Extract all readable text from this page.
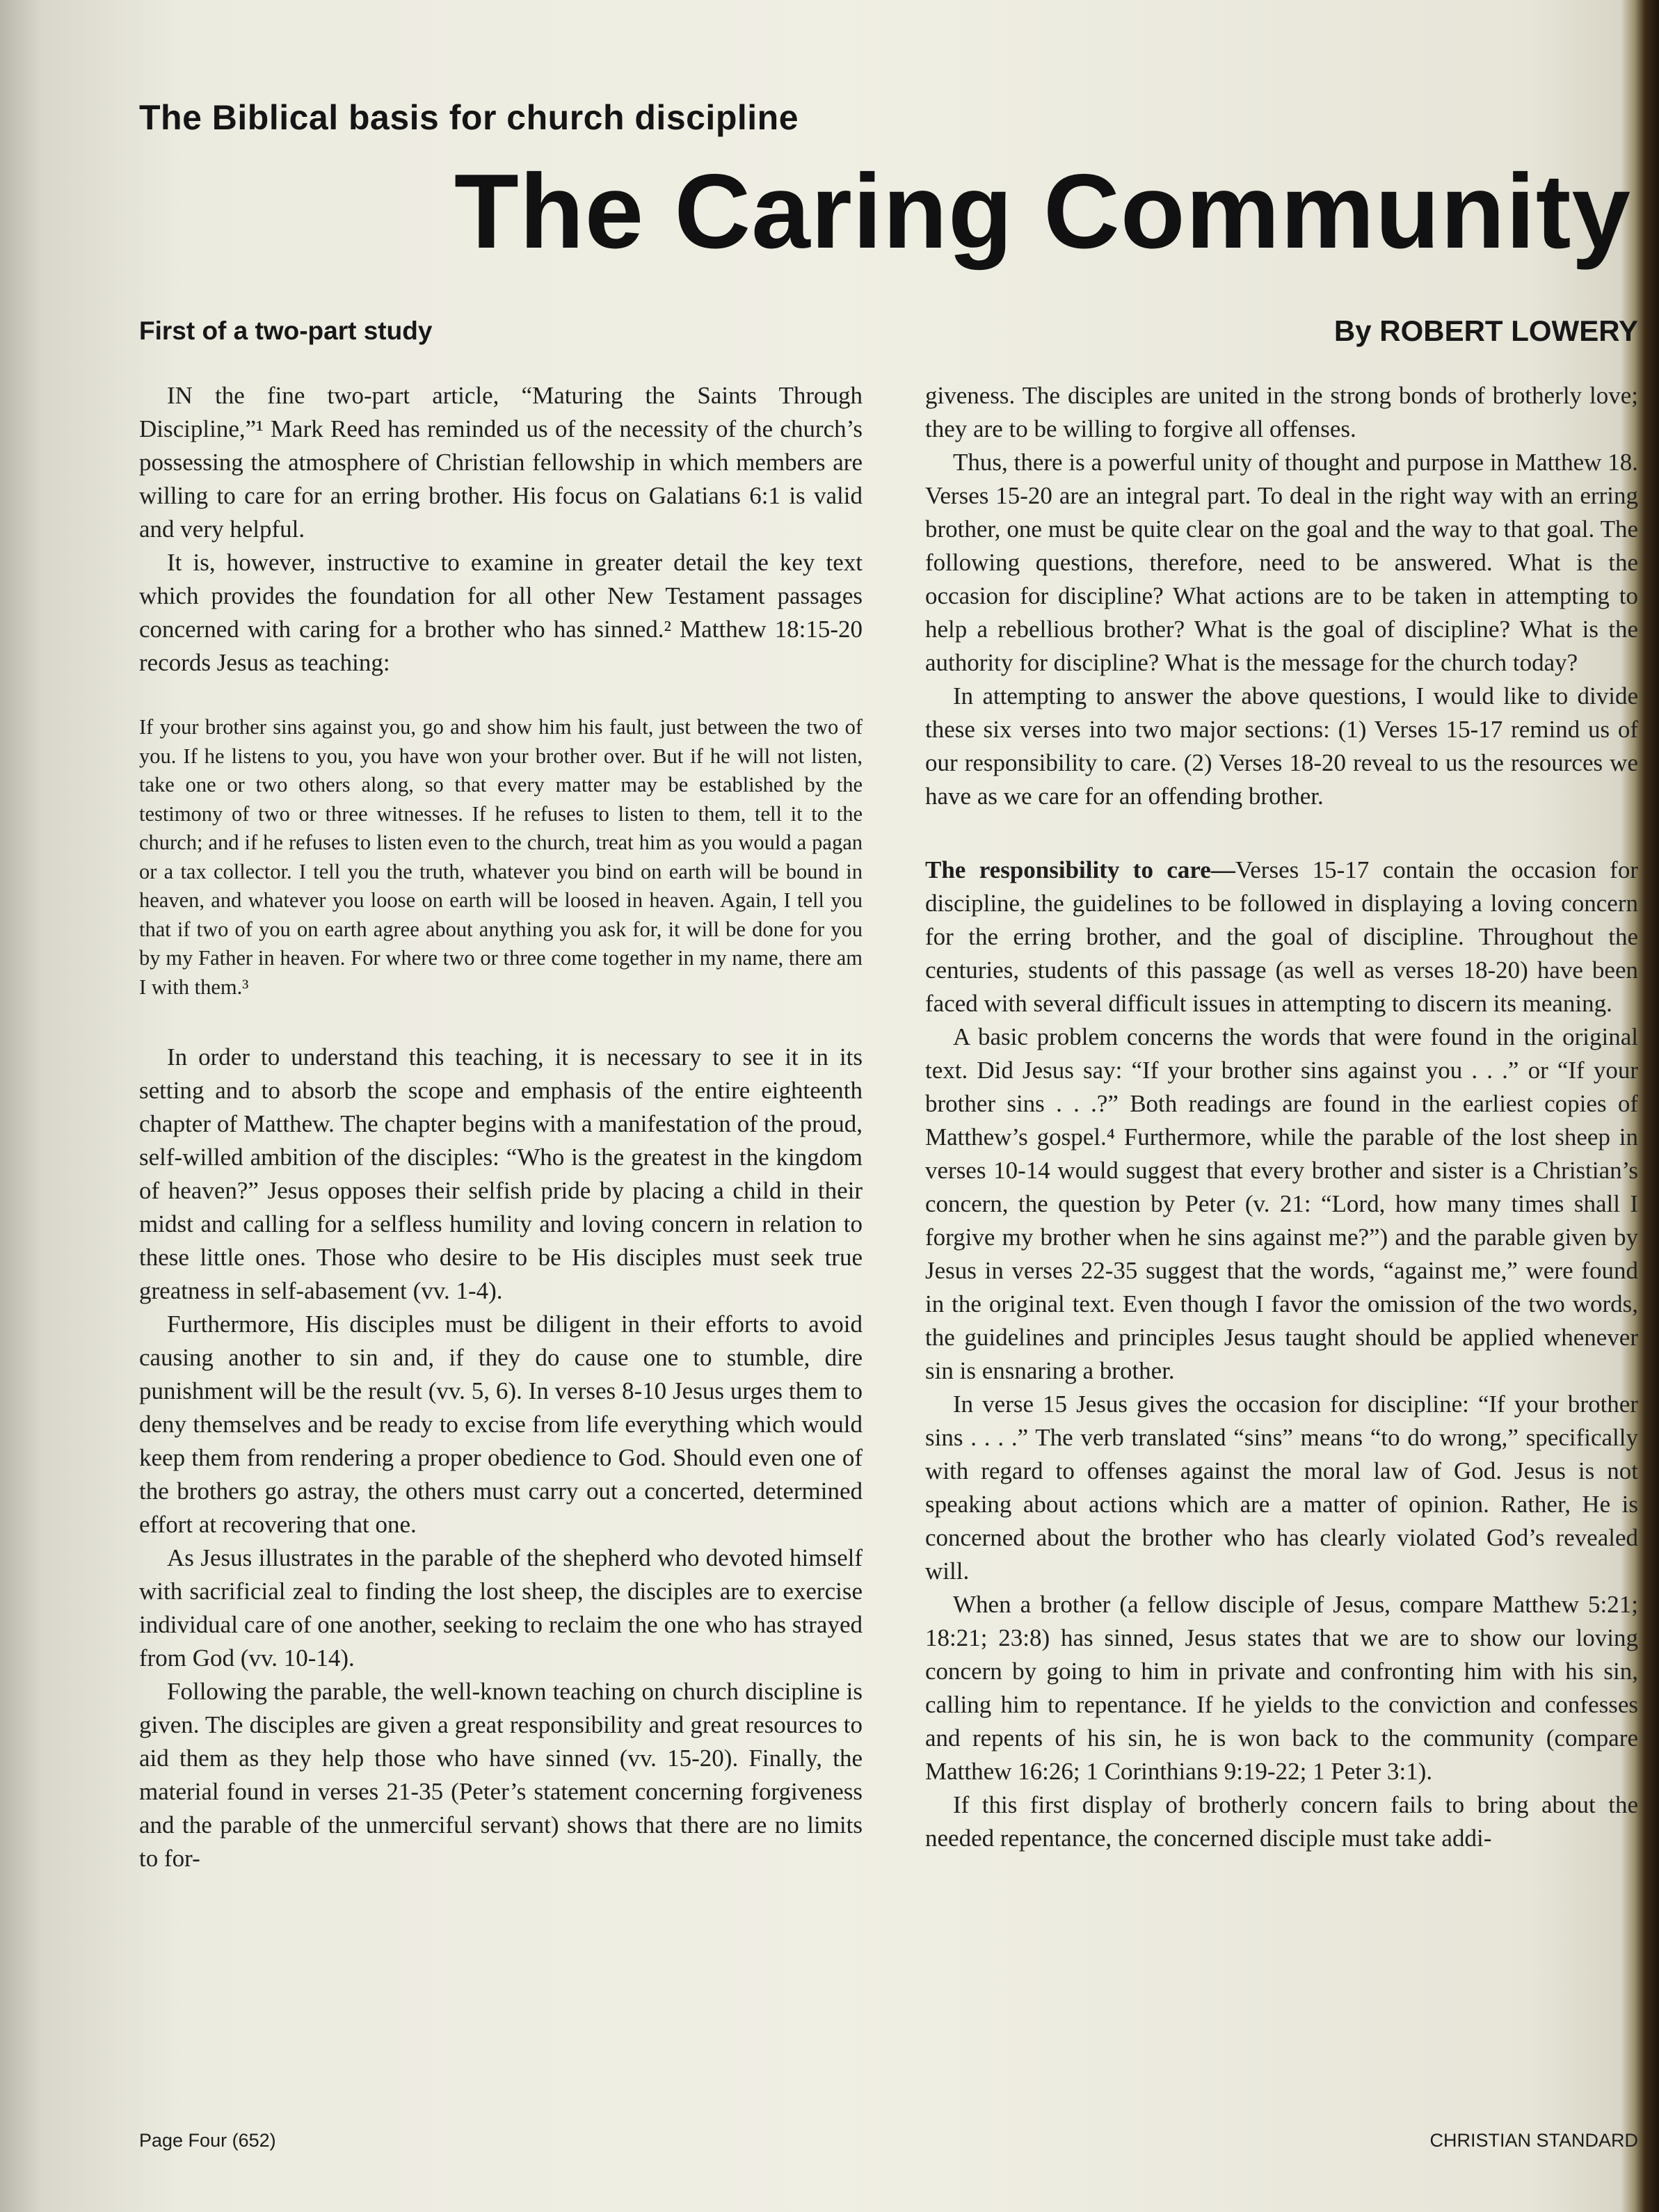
The Biblical basis for church discipline
The Caring Community
First of a two-part study	By ROBERT LOWERY

IN the fine two-part article, “Maturing the Saints Through Discipline,”¹ Mark Reed has reminded us of the necessity of the church’s possessing the atmosphere of Christian fellowship in which members are willing to care for an erring brother. His focus on Galatians 6:1 is valid and very helpful.

It is, however, instructive to examine in greater detail the key text which provides the foundation for all other New Testament passages concerned with caring for a brother who has sinned.² Matthew 18:15-20 records Jesus as teaching:

If your brother sins against you, go and show him his fault, just between the two of you. If he listens to you, you have won your brother over. But if he will not listen, take one or two others along, so that every matter may be established by the testimony of two or three witnesses. If he refuses to listen to them, tell it to the church; and if he refuses to listen even to the church, treat him as you would a pagan or a tax collector. I tell you the truth, whatever you bind on earth will be bound in heaven, and whatever you loose on earth will be loosed in heaven. Again, I tell you that if two of you on earth agree about anything you ask for, it will be done for you by my Father in heaven. For where two or three come together in my name, there am I with them.³

In order to understand this teaching, it is necessary to see it in its setting and to absorb the scope and emphasis of the entire eighteenth chapter of Matthew. The chapter begins with a manifestation of the proud, self-willed ambition of the disciples: “Who is the greatest in the kingdom of heaven?” Jesus opposes their selfish pride by placing a child in their midst and calling for a selfless humility and loving concern in relation to these little ones. Those who desire to be His disciples must seek true greatness in self-abasement (vv. 1-4).

Furthermore, His disciples must be diligent in their efforts to avoid causing another to sin and, if they do cause one to stumble, dire punishment will be the result (vv. 5, 6). In verses 8-10 Jesus urges them to deny themselves and be ready to excise from life everything which would keep them from rendering a proper obedience to God. Should even one of the brothers go astray, the others must carry out a concerted, determined effort at recovering that one.

As Jesus illustrates in the parable of the shepherd who devoted himself with sacrificial zeal to finding the lost sheep, the disciples are to exercise individual care of one another, seeking to reclaim the one who has strayed from God (vv. 10-14).

Following the parable, the well-known teaching on church discipline is given. The disciples are given a great responsibility and great resources to aid them as they help those who have sinned (vv. 15-20). Finally, the material found in verses 21-35 (Peter’s statement concerning forgiveness and the parable of the unmerciful servant) shows that there are no limits to for-

giveness. The disciples are united in the strong bonds of brotherly love; they are to be willing to forgive all offenses.

Thus, there is a powerful unity of thought and purpose in Matthew 18. Verses 15-20 are an integral part. To deal in the right way with an erring brother, one must be quite clear on the goal and the way to that goal. The following questions, therefore, need to be answered. What is the occasion for discipline? What actions are to be taken in attempting to help a rebellious brother? What is the goal of discipline? What is the authority for discipline? What is the message for the church today?

In attempting to answer the above questions, I would like to divide these six verses into two major sections: (1) Verses 15-17 remind us of our responsibility to care. (2) Verses 18-20 reveal to us the resources we have as we care for an offending brother.

The responsibility to care—Verses 15-17 contain the occasion for discipline, the guidelines to be followed in displaying a loving concern for the erring brother, and the goal of discipline. Throughout the centuries, students of this passage (as well as verses 18-20) have been faced with several difficult issues in attempting to discern its meaning.

A basic problem concerns the words that were found in the original text. Did Jesus say: “If your brother sins against you . . .” or “If your brother sins . . .?” Both readings are found in the earliest copies of Matthew’s gospel.⁴ Furthermore, while the parable of the lost sheep in verses 10-14 would suggest that every brother and sister is a Christian’s concern, the question by Peter (v. 21: “Lord, how many times shall I forgive my brother when he sins against me?”) and the parable given by Jesus in verses 22-35 suggest that the words, “against me,” were found in the original text. Even though I favor the omission of the two words, the guidelines and principles Jesus taught should be applied whenever sin is ensnaring a brother.

In verse 15 Jesus gives the occasion for discipline: “If your brother sins . . . .” The verb translated “sins” means “to do wrong,” specifically with regard to offenses against the moral law of God. Jesus is not speaking about actions which are a matter of opinion. Rather, He is concerned about the brother who has clearly violated God’s revealed will.

When a brother (a fellow disciple of Jesus, compare Matthew 5:21; 18:21; 23:8) has sinned, Jesus states that we are to show our loving concern by going to him in private and confronting him with his sin, calling him to repentance. If he yields to the conviction and confesses and repents of his sin, he is won back to the community (compare Matthew 16:26; 1 Corinthians 9:19-22; 1 Peter 3:1).

If this first display of brotherly concern fails to bring about the needed repentance, the concerned disciple must take addi-

Page Four (652)	CHRISTIAN STANDARD
